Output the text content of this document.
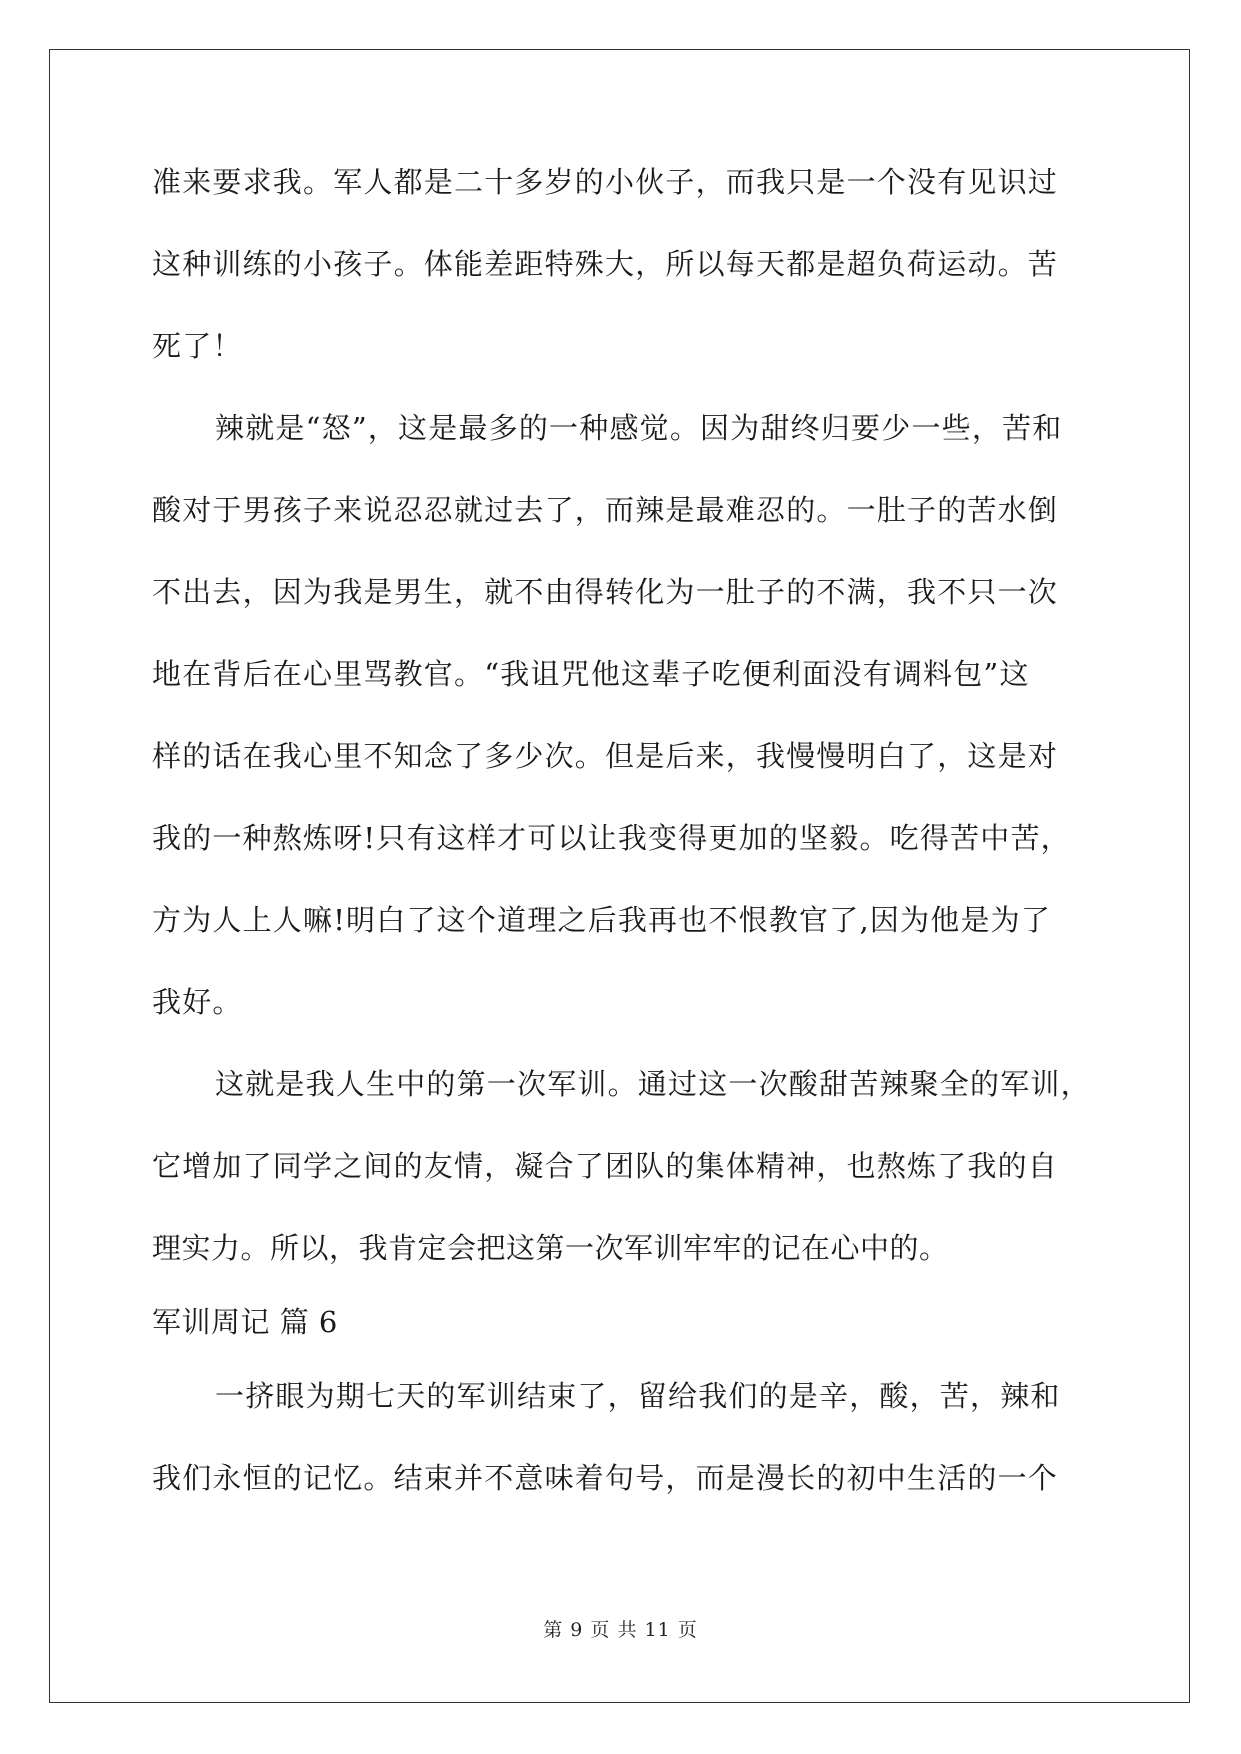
准来要求我。军人都是二十多岁的小伙子，而我只是一个没有见识过
这种训练的小孩子。体能差距特殊大，所以每天都是超负荷运动。苦
死了！
辣就是“怒”，这是最多的一种感觉。因为甜终归要少一些，苦和
酸对于男孩子来说忍忍就过去了，而辣是最难忍的。一肚子的苦水倒
不出去，因为我是男生，就不由得转化为一肚子的不满，我不只一次
地在背后在心里骂教官。“我诅咒他这辈子吃便利面没有调料包”这
样的话在我心里不知念了多少次。但是后来，我慢慢明白了，这是对
我的一种熬炼呀!只有这样才可以让我变得更加的坚毅。吃得苦中苦，
方为人上人嘛!明白了这个道理之后我再也不恨教官了,因为他是为了
我好。
这就是我人生中的第一次军训。通过这一次酸甜苦辣聚全的军训，
它增加了同学之间的友情，凝合了团队的集体精神，也熬炼了我的自
理实力。所以，我肯定会把这第一次军训牢牢的记在心中的。
军训周记 篇 6
一挤眼为期七天的军训结束了，留给我们的是辛，酸，苦，辣和
我们永恒的记忆。结束并不意味着句号，而是漫长的初中生活的一个
第 9 页 共 11 页
